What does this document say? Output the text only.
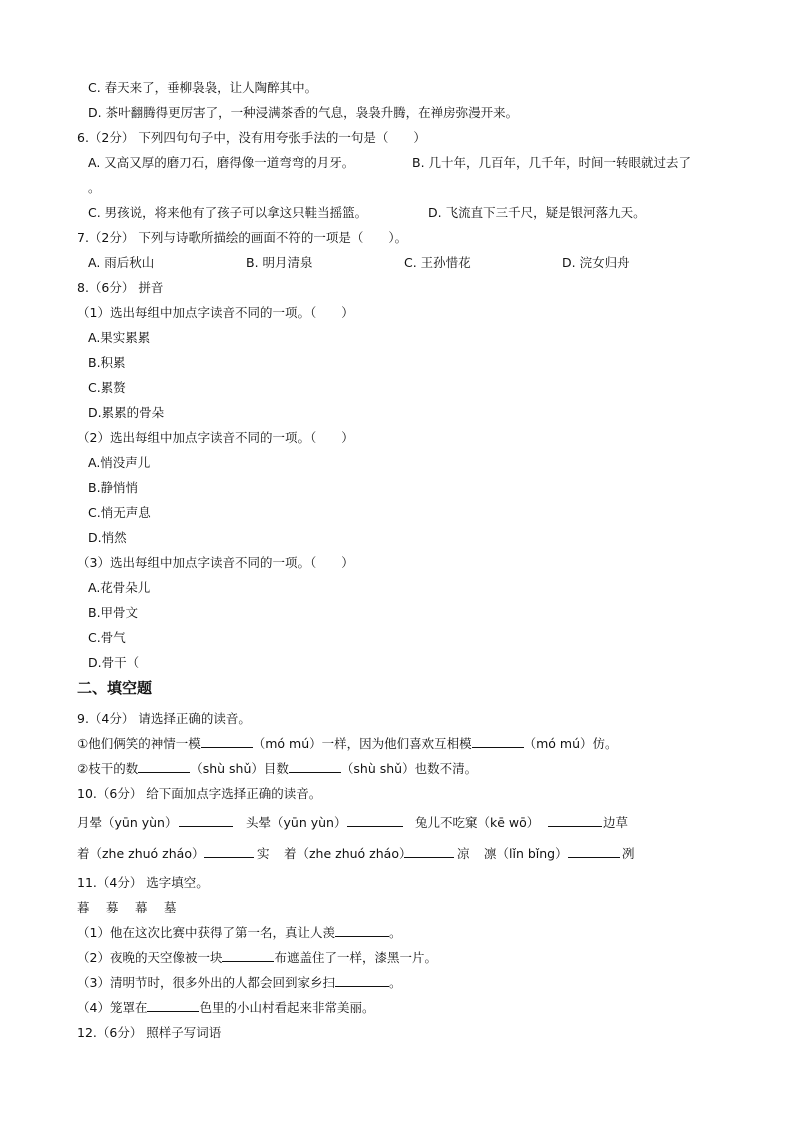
C. 春天来了，垂柳袅袅，让人陶醉其中。
D. 茶叶翻腾得更厉害了，一种浸满茶香的气息，袅袅升腾，在禅房弥漫开来。
6.（2分） 下列四句句子中，没有用夸张手法的一句是（　　）
A. 又高又厚的磨刀石，磨得像一道弯弯的月牙。	B. 几十年，几百年，几千年，时间一转眼就过去了
。
C. 男孩说，将来他有了孩子可以拿这只鞋当摇篮。	D. 飞流直下三千尺，疑是银河落九天。
7.（2分） 下列与诗歌所描绘的画面不符的一项是（　　）。
A. 雨后秋山	B. 明月清泉	C. 王孙惜花	D. 浣女归舟
8.（6分） 拼音
（1）选出每组中加点字读音不同的一项。（　　）
A.果实累累
B.积累
C.累赘
D.累累的骨朵
（2）选出每组中加点字读音不同的一项。（　　）
A.悄没声儿
B.静悄悄
C.悄无声息
D.悄然
（3）选出每组中加点字读音不同的一项。（　　）
A.花骨朵儿
B.甲骨文
C.骨气
D.骨干（
二、填空题
9.（4分） 请选择正确的读音。
①他们俩笑的神情一模	（mó mú）一样，因为他们喜欢互相模	（mó mú）仿。
②枝干的数	（shù shǔ）目数	（shù shǔ）也数不清。
10.（6分） 给下面加点字选择正确的读音。
月晕（yūn yùn）	头晕（yūn yùn）	兔儿不吃窠（kē wō）	边草
着（zhe zhuó zháo）	实 着（zhe zhuó zháo）	凉 凛（lǐn bǐng）	冽
11.（4分） 选字填空。
暮　募　幕　墓
（1）他在这次比赛中获得了第一名，真让人羡	。
（2）夜晚的天空像被一块	布遮盖住了一样，漆黑一片。
（3）清明节时，很多外出的人都会回到家乡扫	。
（4）笼罩在	色里的小山村看起来非常美丽。
12.（6分） 照样子写词语
